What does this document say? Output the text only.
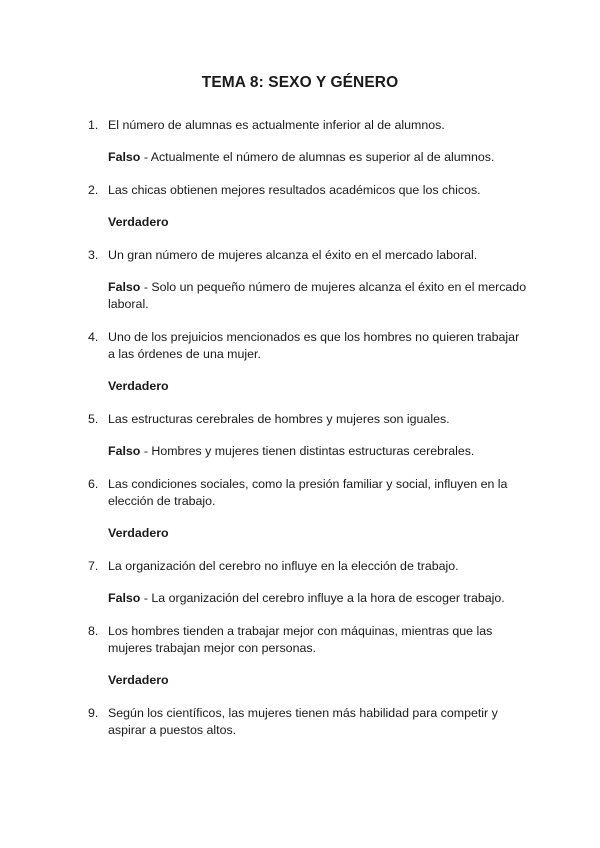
TEMA 8: SEXO Y GÉNERO
1. El número de alumnas es actualmente inferior al de alumnos.
Falso - Actualmente el número de alumnas es superior al de alumnos.
2. Las chicas obtienen mejores resultados académicos que los chicos.
Verdadero
3. Un gran número de mujeres alcanza el éxito en el mercado laboral.
Falso - Solo un pequeño número de mujeres alcanza el éxito en el mercado laboral.
4. Uno de los prejuicios mencionados es que los hombres no quieren trabajar a las órdenes de una mujer.
Verdadero
5. Las estructuras cerebrales de hombres y mujeres son iguales.
Falso - Hombres y mujeres tienen distintas estructuras cerebrales.
6. Las condiciones sociales, como la presión familiar y social, influyen en la elección de trabajo.
Verdadero
7. La organización del cerebro no influye en la elección de trabajo.
Falso - La organización del cerebro influye a la hora de escoger trabajo.
8. Los hombres tienden a trabajar mejor con máquinas, mientras que las mujeres trabajan mejor con personas.
Verdadero
9. Según los científicos, las mujeres tienen más habilidad para competir y aspirar a puestos altos.
